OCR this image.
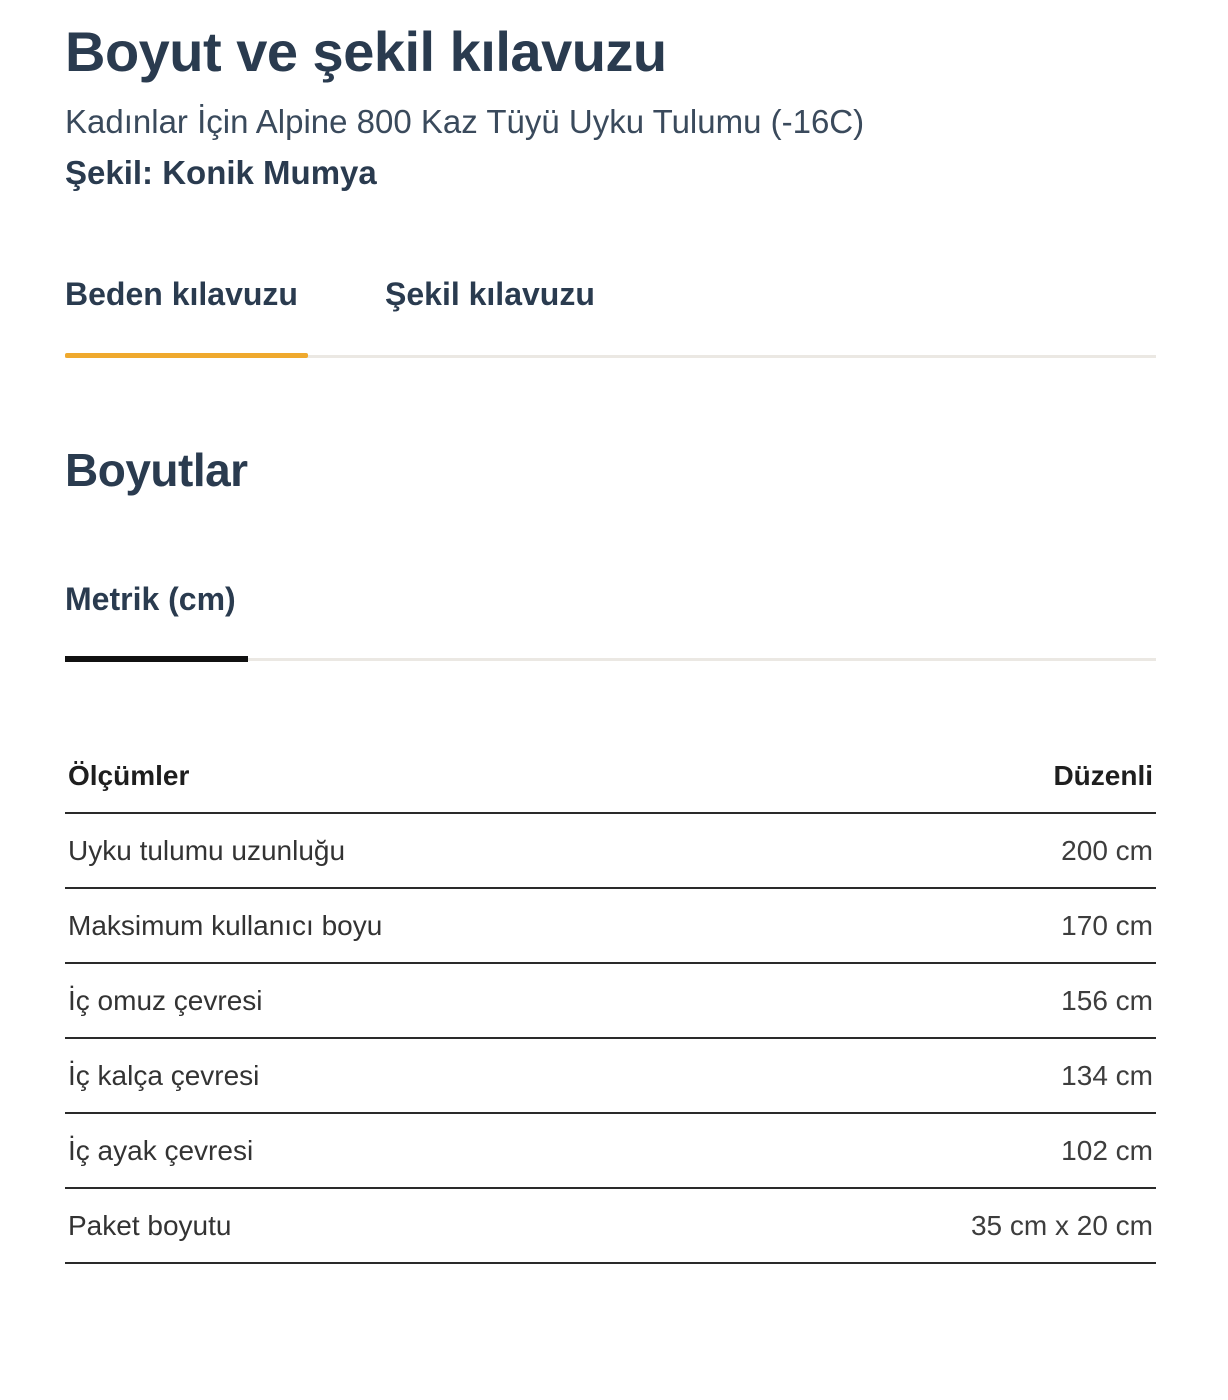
Boyut ve şekil kılavuzu
Kadınlar İçin Alpine 800 Kaz Tüyü Uyku Tulumu (-16C)
Şekil: Konik Mumya
Beden kılavuzu	Şekil kılavuzu
Boyutlar
Metrik (cm)
Ölçümler	Düzenli
Uyku tulumu uzunluğu	200 cm
Maksimum kullanıcı boyu	170 cm
İç omuz çevresi	156 cm
İç kalça çevresi	134 cm
İç ayak çevresi	102 cm
Paket boyutu	35 cm x 20 cm
